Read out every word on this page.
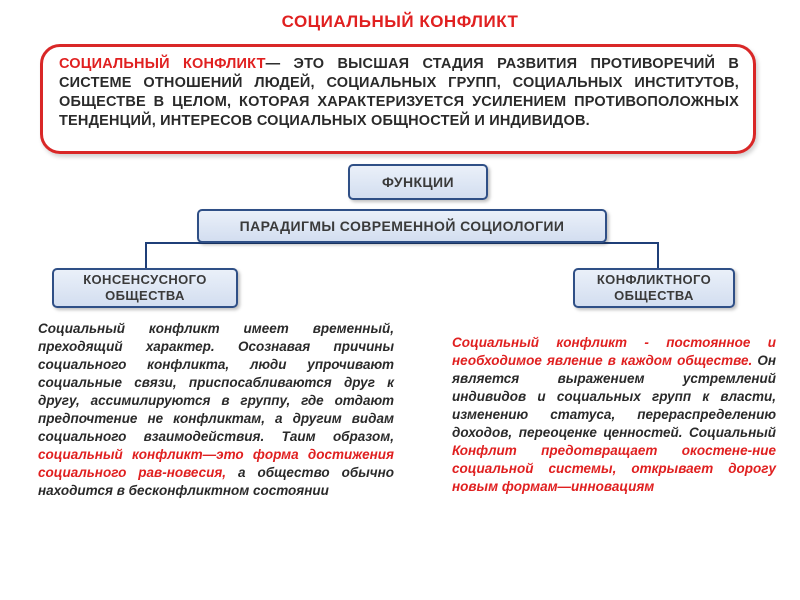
СОЦИАЛЬНЫЙ КОНФЛИКТ
СОЦИАЛЬНЫЙ КОНФЛИКТ— ЭТО ВЫСШАЯ СТАДИЯ РАЗВИТИЯ ПРОТИВОРЕЧИЙ В СИСТЕМЕ ОТНОШЕНИЙ ЛЮДЕЙ, СОЦИАЛЬНЫХ ГРУПП, СОЦИАЛЬНЫХ ИНСТИТУТОВ, ОБЩЕСТВЕ В ЦЕЛОМ, КОТОРАЯ ХАРАКТЕРИЗУЕТСЯ УСИЛЕНИЕМ ПРОТИВОПОЛОЖНЫХ ТЕНДЕНЦИЙ, ИНТЕРЕСОВ СОЦИАЛЬНЫХ ОБЩНОСТЕЙ И ИНДИВИДОВ.
ФУНКЦИИ
ПАРАДИГМЫ СОВРЕМЕННОЙ СОЦИОЛОГИИ
КОНСЕНСУСНОГО
ОБЩЕСТВА
КОНФЛИКТНОГО
ОБЩЕСТВА
Социальный конфликт имеет временный, преходящий характер. Осознавая причины социального конфликта, люди упрочивают социальные связи, приспосабливаются друг к другу, ассимилируются в группу, где отдают предпочтение не конфликтам, а другим видам социального взаимодействия. Таим образом, социальный конфликт—это форма достижения социального рав-новесия, а общество обычно находится в бесконфликтном состоянии
Социальный конфликт - постоянное и необходимое явление в каждом обществе. Он является выражением устремлений индивидов и социальных групп к власти, изменению статуса, перераспределению доходов, переоценке ценностей. Социальный Конфлит предотвращает окостене-ние социальной системы, открывает дорогу новым формам—инновациям
